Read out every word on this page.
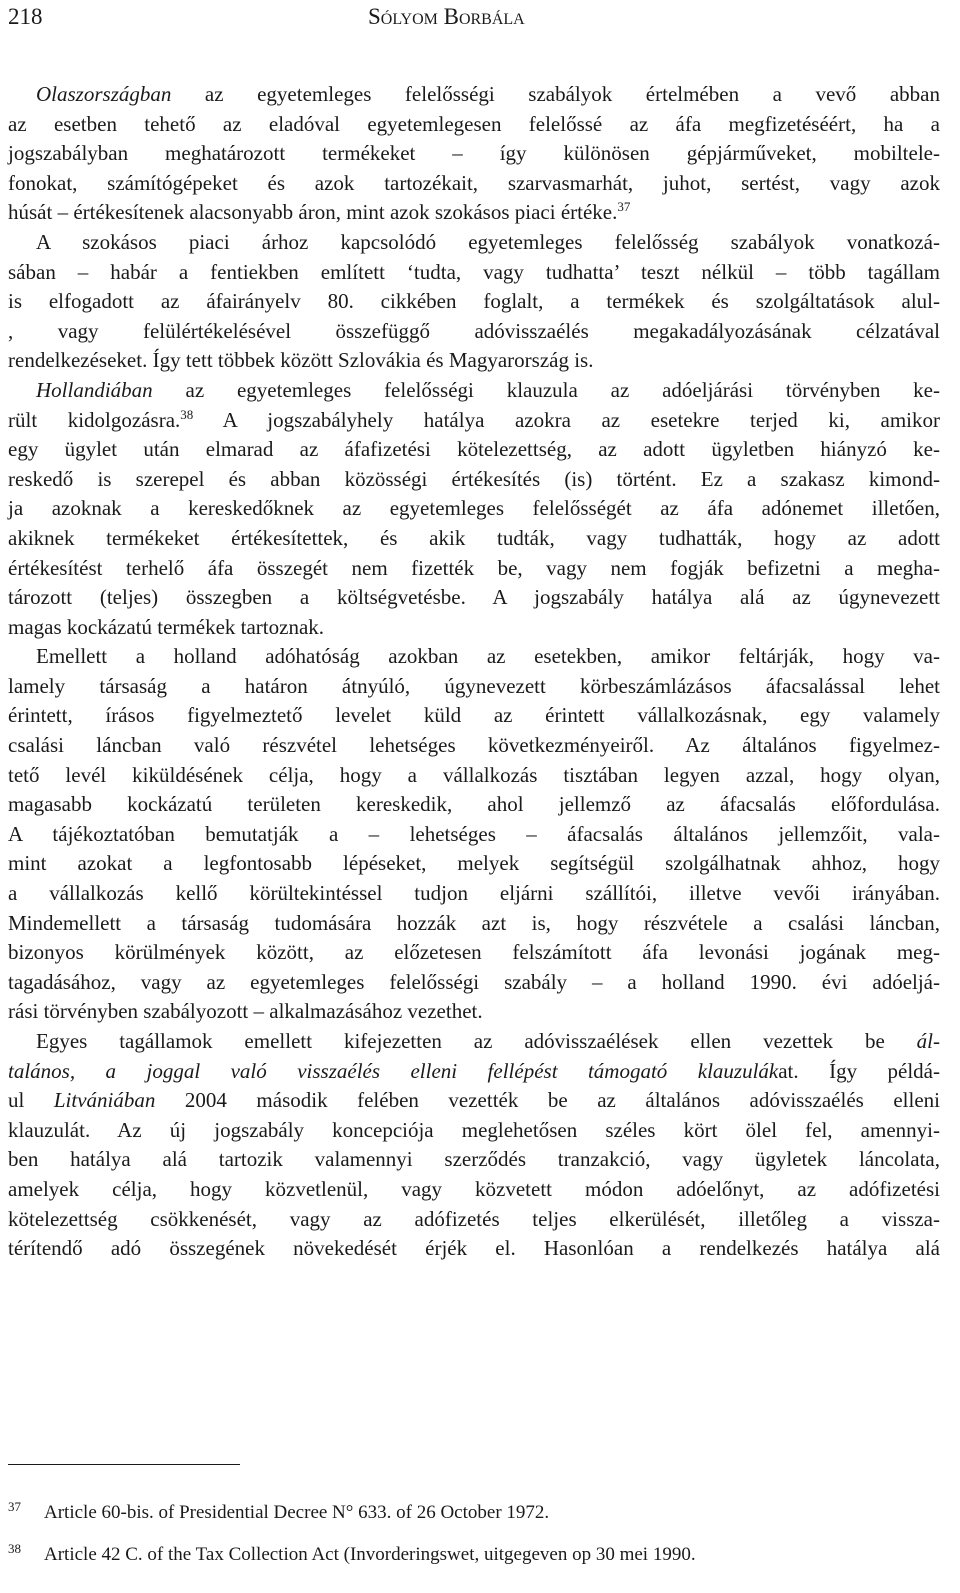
218	Sólyom Borbála
Olaszországban az egyetemleges felelősségi szabályok értelmében a vevő abban
az esetben tehető az eladóval egyetemlegesen felelőssé az áfa megfizetéséért, ha a
jogszabályban meghatározott termékeket – így különösen gépjárműveket, mobiltele-
fonokat, számítógépeket és azok tartozékait, szarvasmarhát, juhot, sertést, vagy azok
húsát – értékesítenek alacsonyabb áron, mint azok szokásos piaci értéke.$^{37}$
A szokásos piaci árhoz kapcsolódó egyetemleges felelősség szabályok vonatkozá-
sában – habár a fentiekben említett ‘tudta, vagy tudhatta’ teszt nélkül – több tagállam
is elfogadott az áfairányelv 80. cikkében foglalt, a termékek és szolgáltatások alul-
, vagy felülértékelésével összefüggő adóvisszaélés megakadályozásának célzatával
rendelkezéseket. Így tett többek között Szlovákia és Magyarország is.
Hollandiában az egyetemleges felelősségi klauzula az adóeljárási törvényben ke-
rült kidolgozásra.$^{38}$ A jogszabályhely hatálya azokra az esetekre terjed ki, amikor
egy ügylet után elmarad az áfafizetési kötelezettség, az adott ügyletben hiányzó ke-
reskedő is szerepel és abban közösségi értékesítés (is) történt. Ez a szakasz kimond-
ja azoknak a kereskedőknek az egyetemleges felelősségét az áfa adónemet illetően,
akiknek termékeket értékesítettek, és akik tudták, vagy tudhatták, hogy az adott
értékesítést terhelő áfa összegét nem fizették be, vagy nem fogják befizetni a megha-
tározott (teljes) összegben a költségvetésbe. A jogszabály hatálya alá az úgynevezett
magas kockázatú termékek tartoznak.
Emellett a holland adóhatóság azokban az esetekben, amikor feltárják, hogy va-
lamely társaság a határon átnyúló, úgynevezett körbeszámlázásos áfacsalással lehet
érintett, írásos figyelmeztető levelet küld az érintett vállalkozásnak, egy valamely
csalási láncban való részvétel lehetséges következményeiről. Az általános figyelmez-
tető levél kiküldésének célja, hogy a vállalkozás tisztában legyen azzal, hogy olyan,
magasabb kockázatú területen kereskedik, ahol jellemző az áfacsalás előfordulása.
A tájékoztatóban bemutatják a – lehetséges – áfacsalás általános jellemzőit, vala-
mint azokat a legfontosabb lépéseket, melyek segítségül szolgálhatnak ahhoz, hogy
a vállalkozás kellő körültekintéssel tudjon eljárni szállítói, illetve vevői irányában.
Mindemellett a társaság tudomására hozzák azt is, hogy részvétele a csalási láncban,
bizonyos körülmények között, az előzetesen felszámított áfa levonási jogának meg-
tagadásához, vagy az egyetemleges felelősségi szabály – a holland 1990. évi adóeljá-
rási törvényben szabályozott – alkalmazásához vezethet.
Egyes tagállamok emellett kifejezetten az adóvisszaélések ellen vezettek be ál-
talános, a joggal való visszaélés elleni fellépést támogató klauzulákat. Így példá-
ul Litvániában 2004 második felében vezették be az általános adóvisszaélés elleni
klauzulát. Az új jogszabály koncepciója meglehetősen széles kört ölel fel, amennyi-
ben hatálya alá tartozik valamennyi szerződés tranzakció, vagy ügyletek láncolata,
amelyek célja, hogy közvetlenül, vagy közvetett módon adóelőnyt, az adófizetési
kötelezettség csökkenését, vagy az adófizetés teljes elkerülését, illetőleg a vissza-
térítendő adó összegének növekedését érjék el. Hasonlóan a rendelkezés hatálya alá
37 Article 60-bis. of Presidential Decree N° 633. of 26 October 1972.
38 Article 42 C. of the Tax Collection Act (Invorderingswet, uitgegeven op 30 mei 1990.
